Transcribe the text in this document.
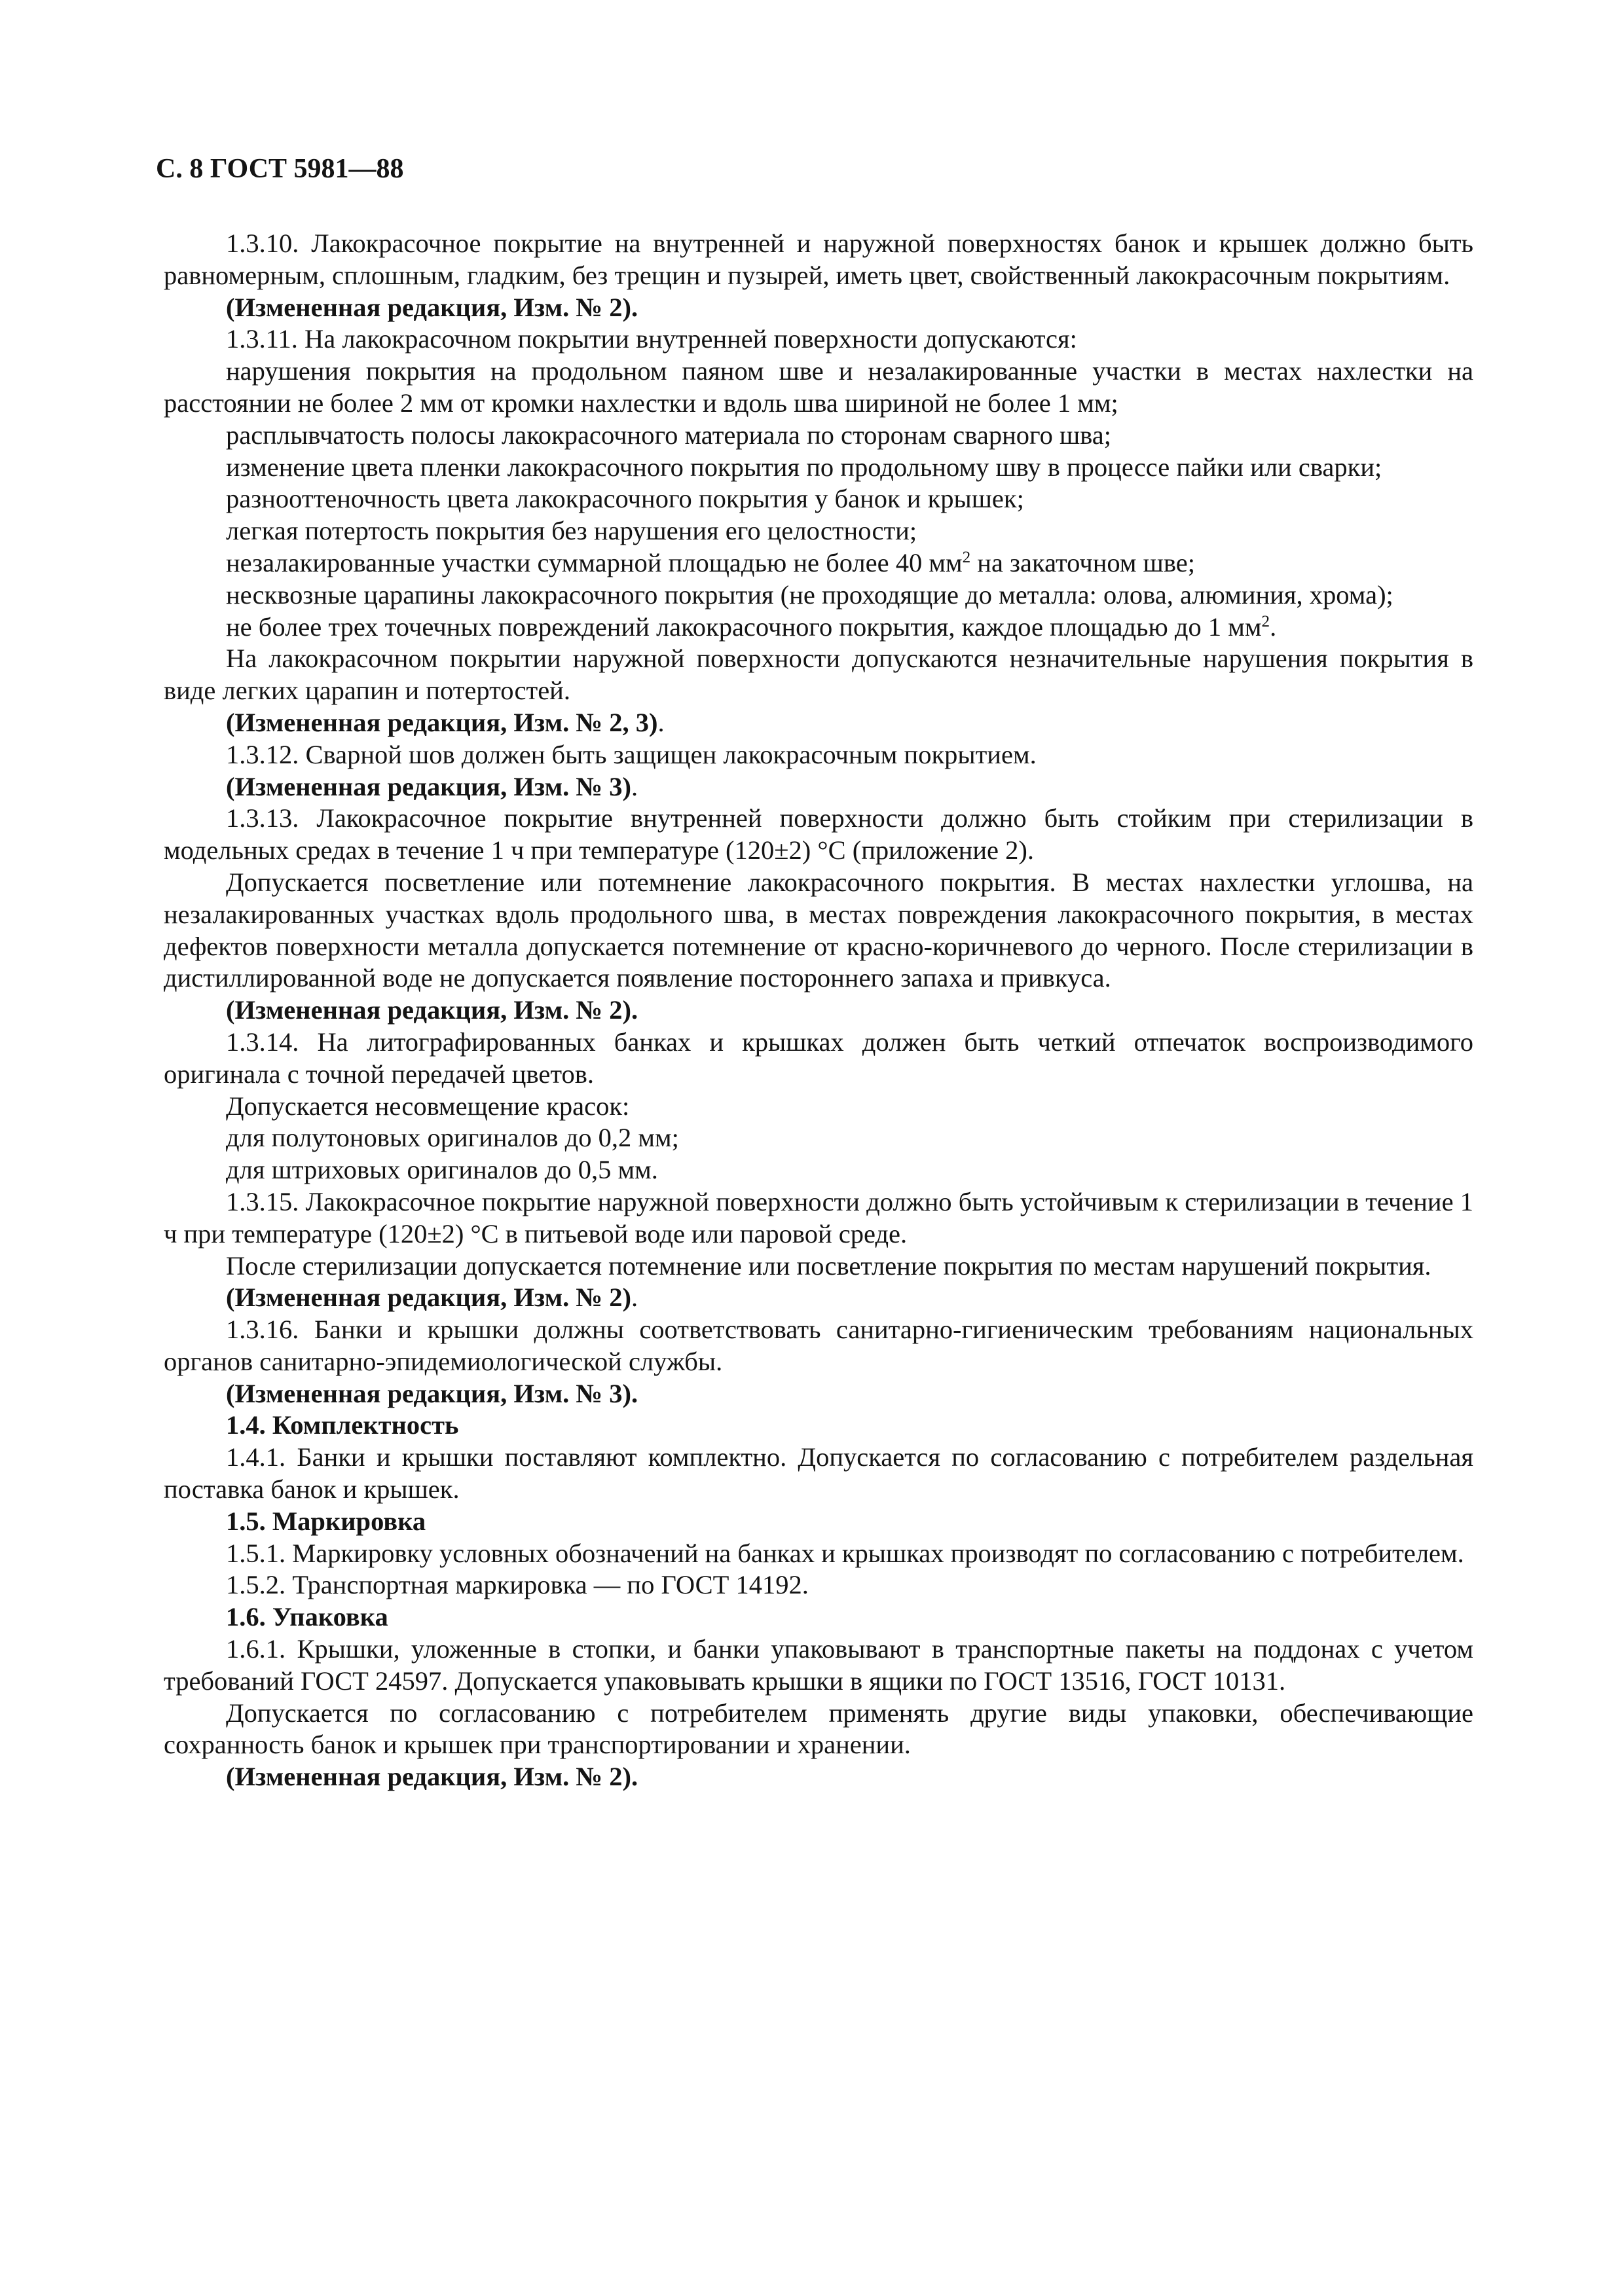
С. 8 ГОСТ 5981—88

1.3.10. Лакокрасочное покрытие на внутренней и наружной поверхностях банок и крышек должно быть равномерным, сплошным, гладким, без трещин и пузырей, иметь цвет, свойственный лакокрасочным покрытиям.

(Измененная редакция, Изм. № 2).

1.3.11. На лакокрасочном покрытии внутренней поверхности допускаются:

нарушения покрытия на продольном паяном шве и незалакированные участки в местах нахлестки на расстоянии не более 2 мм от кромки нахлестки и вдоль шва шириной не более 1 мм;

расплывчатость полосы лакокрасочного материала по сторонам сварного шва;

изменение цвета пленки лакокрасочного покрытия по продольному шву в процессе пайки или сварки;

разнооттеночность цвета лакокрасочного покрытия у банок и крышек;

легкая потертость покрытия без нарушения его целостности;

незалакированные участки суммарной площадью не более 40 $мм^2$ на закаточном шве;

несквозные царапины лакокрасочного покрытия (не проходящие до металла: олова, алюминия, хрома);

не более трех точечных повреждений лакокрасочного покрытия, каждое площадью до 1 $мм^2$.

На лакокрасочном покрытии наружной поверхности допускаются незначительные нарушения покрытия в виде легких царапин и потертостей.

(Измененная редакция, Изм. № 2, 3).

1.3.12. Сварной шов должен быть защищен лакокрасочным покрытием.

(Измененная редакция, Изм. № 3).

1.3.13. Лакокрасочное покрытие внутренней поверхности должно быть стойким при стерилизации в модельных средах в течение 1 ч при температуре (120±2) °С (приложение 2).

Допускается посветление или потемнение лакокрасочного покрытия. В местах нахлестки углошва, на незалакированных участках вдоль продольного шва, в местах повреждения лакокрасочного покрытия, в местах дефектов поверхности металла допускается потемнение от красно-коричневого до черного. После стерилизации в дистиллированной воде не допускается появление постороннего запаха и привкуса.

(Измененная редакция, Изм. № 2).

1.3.14. На литографированных банках и крышках должен быть четкий отпечаток воспроизводимого оригинала с точной передачей цветов.

Допускается несовмещение красок:

для полутоновых оригиналов до 0,2 мм;

для штриховых оригиналов до 0,5 мм.

1.3.15. Лакокрасочное покрытие наружной поверхности должно быть устойчивым к стерилизации в течение 1 ч при температуре (120±2) °С в питьевой воде или паровой среде.

После стерилизации допускается потемнение или посветление покрытия по местам нарушений покрытия.

(Измененная редакция, Изм. № 2).

1.3.16. Банки и крышки должны соответствовать санитарно-гигиеническим требованиям национальных органов санитарно-эпидемиологической службы.

(Измененная редакция, Изм. № 3).

1.4. Комплектность

1.4.1. Банки и крышки поставляют комплектно. Допускается по согласованию с потребителем раздельная поставка банок и крышек.

1.5. Маркировка

1.5.1. Маркировку условных обозначений на банках и крышках производят по согласованию с потребителем.

1.5.2. Транспортная маркировка — по ГОСТ 14192.

1.6. Упаковка

1.6.1. Крышки, уложенные в стопки, и банки упаковывают в транспортные пакеты на поддонах с учетом требований ГОСТ 24597. Допускается упаковывать крышки в ящики по ГОСТ 13516, ГОСТ 10131.

Допускается по согласованию с потребителем применять другие виды упаковки, обеспечивающие сохранность банок и крышек при транспортировании и хранении.

(Измененная редакция, Изм. № 2).
